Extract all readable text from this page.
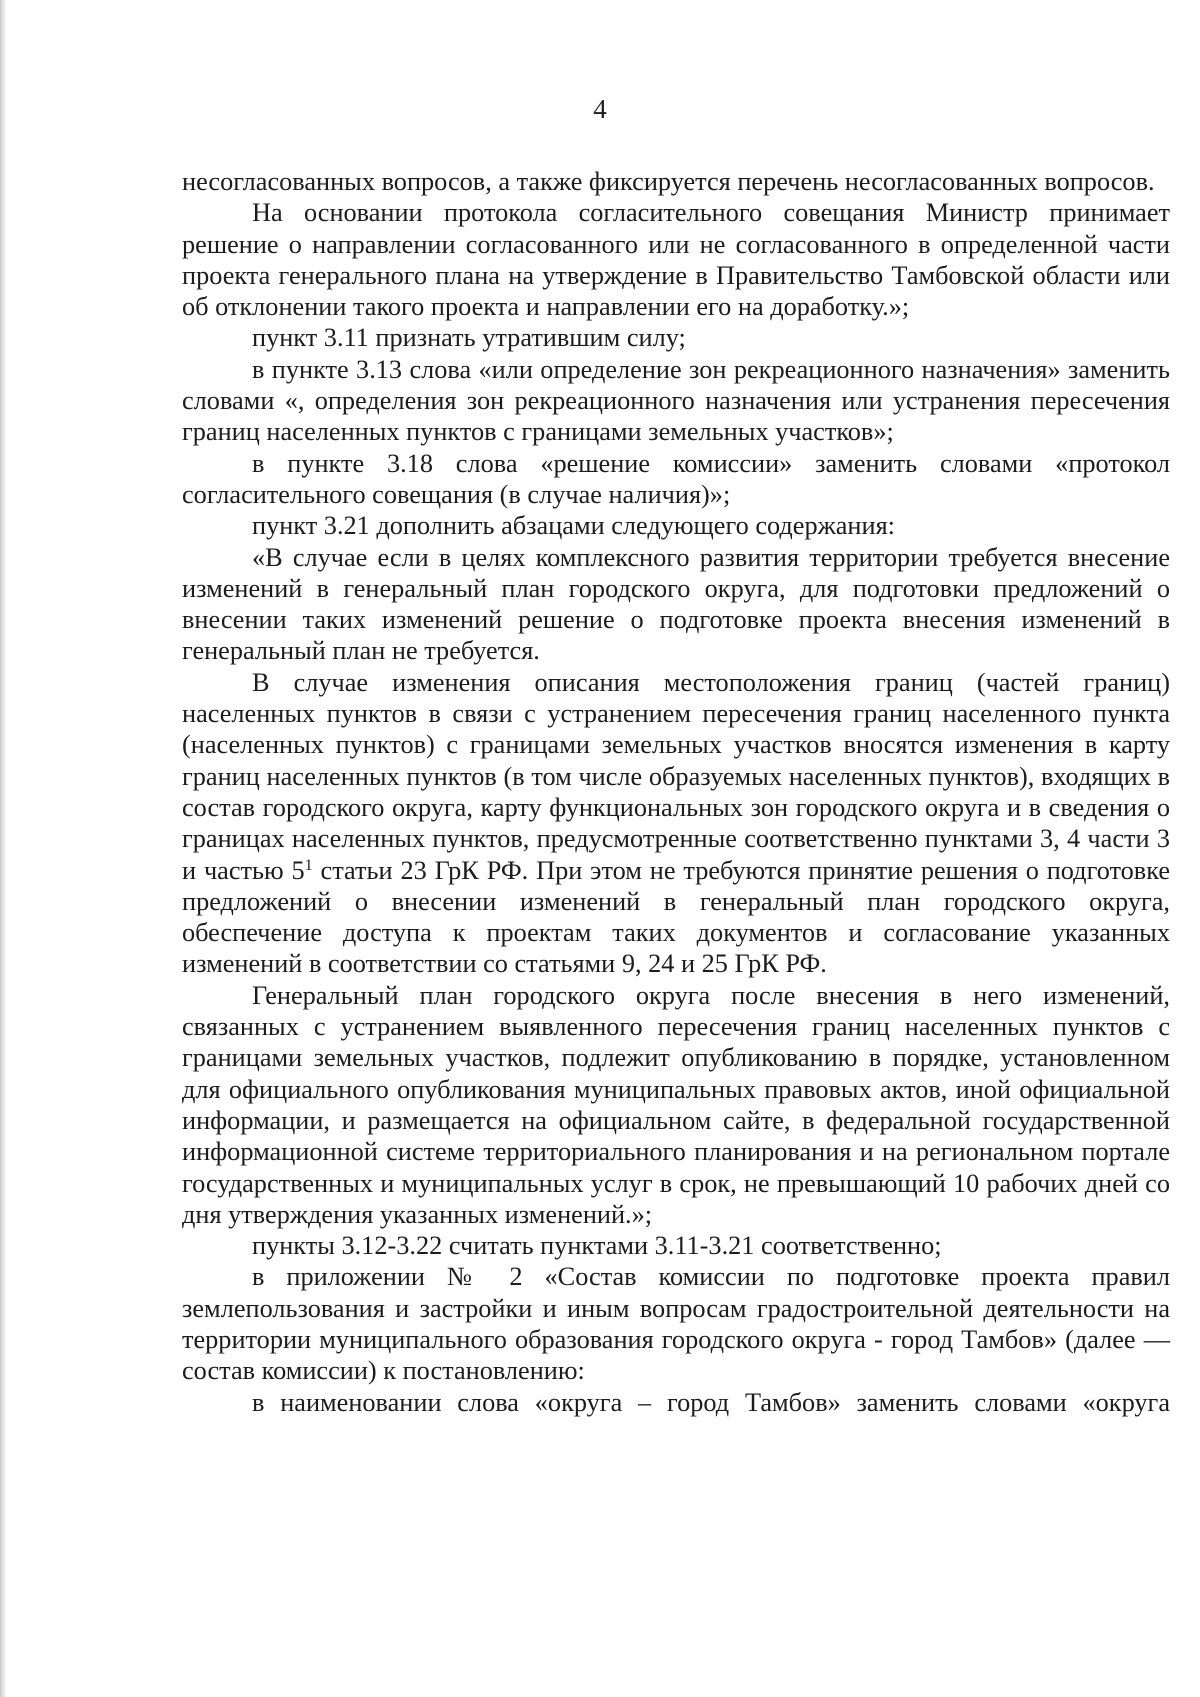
4

несогласованных вопросов, а также фиксируется перечень несогласованных вопросов.

На основании протокола согласительного совещания Министр принимает решение о направлении согласованного или не согласованного в определенной части проекта генерального плана на утверждение в Правительство Тамбовской области или об отклонении такого проекта и направлении его на доработку.»;

пункт 3.11 признать утратившим силу;

в пункте 3.13 слова «или определение зон рекреационного назначения» заменить словами «, определения зон рекреационного назначения или устранения пересечения границ населенных пунктов с границами земельных участков»;

в пункте 3.18 слова «решение комиссии» заменить словами «протокол согласительного совещания (в случае наличия)»;

пункт 3.21 дополнить абзацами следующего содержания:

«В случае если в целях комплексного развития территории требуется внесение изменений в генеральный план городского округа, для подготовки предложений о внесении таких изменений решение о подготовке проекта внесения изменений в генеральный план не требуется.

В случае изменения описания местоположения границ (частей границ) населенных пунктов в связи с устранением пересечения границ населенного пункта (населенных пунктов) с границами земельных участков вносятся изменения в карту границ населенных пунктов (в том числе образуемых населенных пунктов), входящих в состав городского округа, карту функциональных зон городского округа и в сведения о границах населенных пунктов, предусмотренные соответственно пунктами 3, 4 части 3 и частью $5^1$ статьи 23 ГрК РФ. При этом не требуются принятие решения о подготовке предложений о внесении изменений в генеральный план городского округа, обеспечение доступа к проектам таких документов и согласование указанных изменений в соответствии со статьями 9, 24 и 25 ГрК РФ.

Генеральный план городского округа после внесения в него изменений, связанных с устранением выявленного пересечения границ населенных пунктов с границами земельных участков, подлежит опубликованию в порядке, установленном для официального опубликования муниципальных правовых актов, иной официальной информации, и размещается на официальном сайте, в федеральной государственной информационной системе территориального планирования и на региональном портале государственных и муниципальных услуг в срок, не превышающий 10 рабочих дней со дня утверждения указанных изменений.»;

пункты 3.12-3.22 считать пунктами 3.11-3.21 соответственно;

в приложении № 2 «Состав комиссии по подготовке проекта правил землепользования и застройки и иным вопросам градостроительной деятельности на территории муниципального образования городского округа - город Тамбов» (далее — состав комиссии) к постановлению:

в наименовании слова «округа – город Тамбов» заменить словами «округа
